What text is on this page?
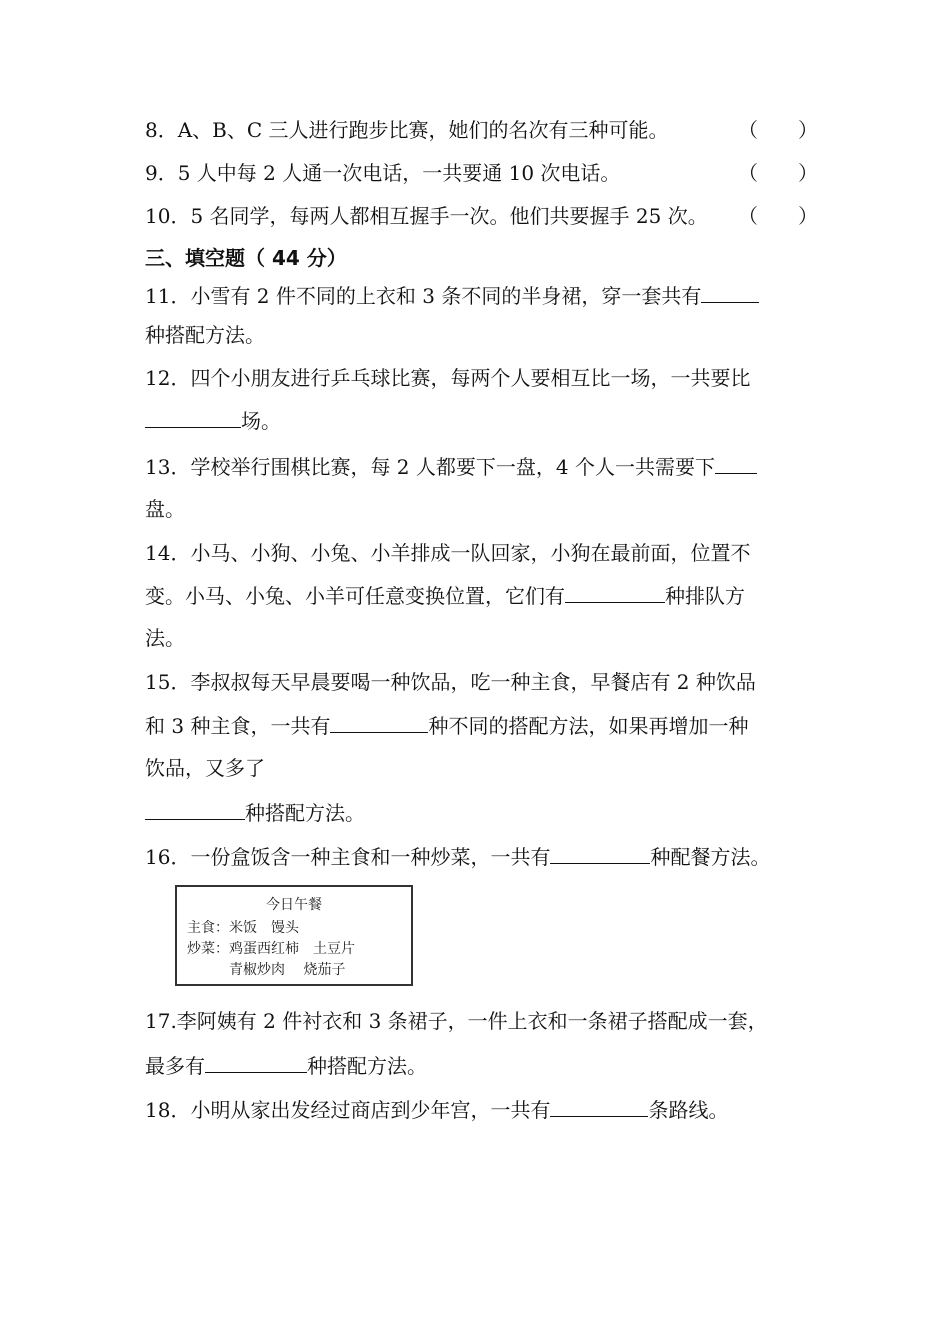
8．A、B、C 三人进行跑步比赛，她们的名次有三种可能。	（　　）
9．5 人中每 2 人通一次电话，一共要通 10 次电话。	（　　）
10．5 名同学，每两人都相互握手一次。他们共要握手 25 次。 （　　）
三、填空题（ 44 分）
11．小雪有 2 件不同的上衣和 3 条不同的半身裙，穿一套共有
种搭配方法。
12．四个小朋友进行乒乓球比赛，每两个人要相互比一场，一共要比
场。
13．学校举行围棋比赛，每 2 人都要下一盘，4 个人一共需要下
盘。
14．小马、小狗、小兔、小羊排成一队回家，小狗在最前面，位置不
变。小马、小兔、小羊可任意变换位置，它们有	种排队方
法。
15．李叔叔每天早晨要喝一种饮品，吃一种主食，早餐店有 2 种饮品
和 3 种主食，一共有	种不同的搭配方法，如果再增加一种
饮品，又多了
种搭配方法。
16．一份盒饭含一种主食和一种炒菜，一共有	种配餐方法。
今日午餐
主食：米饭　馒头
炒菜：鸡蛋西红柿　土豆片
　　　青椒炒肉　 烧茄子
17.李阿姨有 2 件衬衣和 3 条裙子，一件上衣和一条裙子搭配成一套，
最多有	种搭配方法。
18．小明从家出发经过商店到少年宫，一共有	条路线。
